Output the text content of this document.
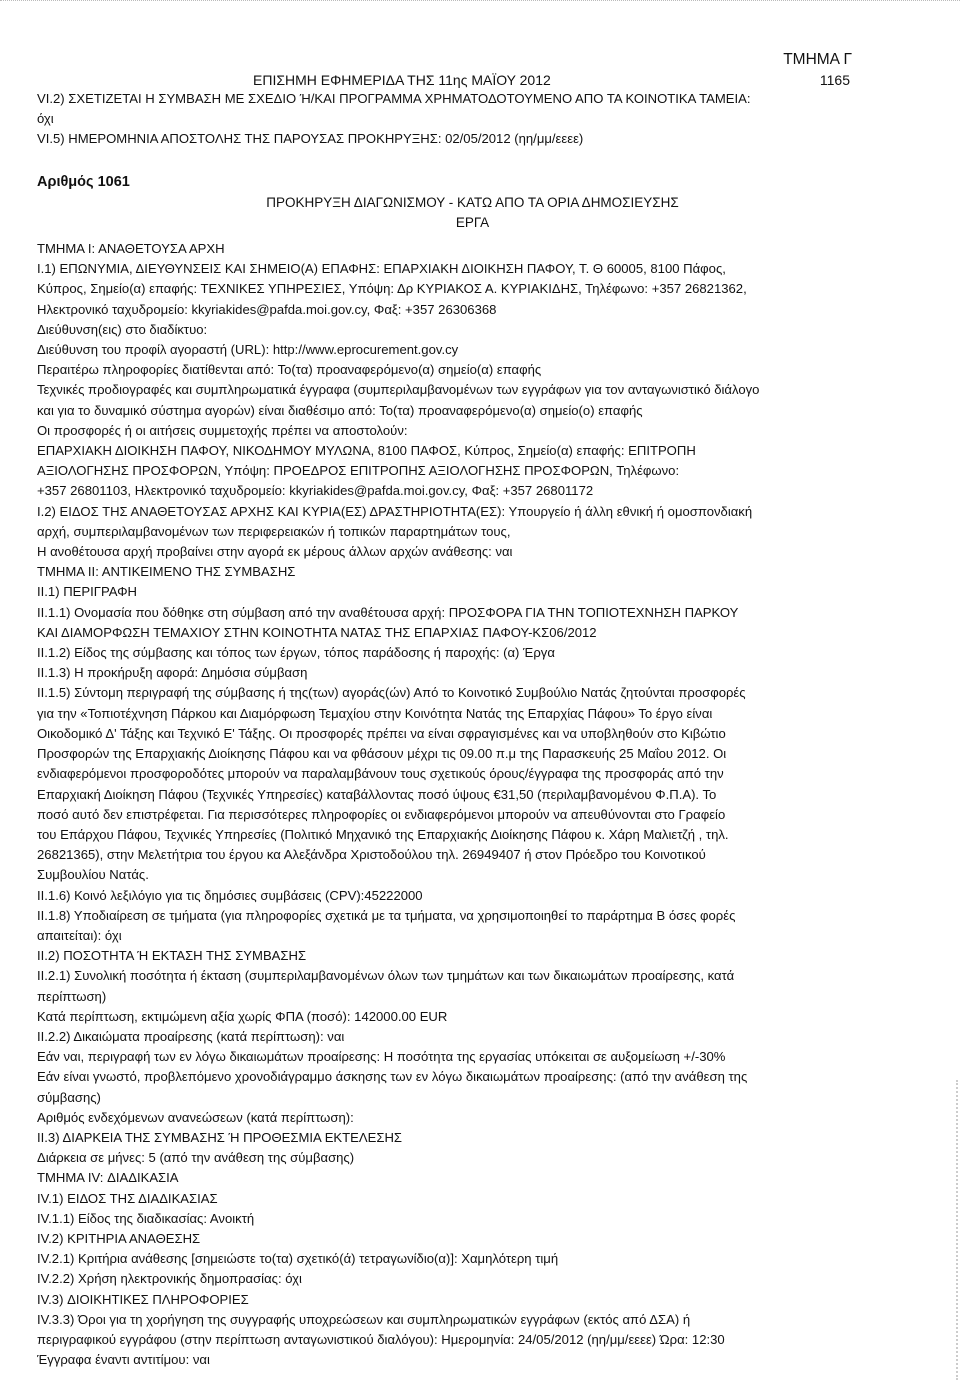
ΤΜΗΜΑ Γ
ΕΠΙΣΗΜΗ ΕΦΗΜΕΡΙΔΑ ΤΗΣ 11ης ΜΑΪΟΥ 2012	1165
VI.2) ΣΧΕΤΙΖΕΤΑΙ Η ΣΥΜΒΑΣΗ ΜΕ ΣΧΕΔΙΟ Ή/ΚΑΙ ΠΡΟΓΡΑΜΜΑ ΧΡΗΜΑΤΟΔΟΤΟΥΜΕΝΟ ΑΠΟ ΤΑ ΚΟΙΝΟΤΙΚΑ ΤΑΜΕΙΑ:
όχι
VI.5) ΗΜΕΡΟΜΗΝΙΑ ΑΠΟΣΤΟΛΗΣ ΤΗΣ ΠΑΡΟΥΣΑΣ ΠΡΟΚΗΡΥΞΗΣ: 02/05/2012 (ηη/μμ/εεεε)
Αριθμός 1061
ΠΡΟΚΗΡΥΞΗ ΔΙΑΓΩΝΙΣΜΟΥ - ΚΑΤΩ ΑΠΟ ΤΑ ΟΡΙΑ ΔΗΜΟΣΙΕΥΣΗΣ
ΕΡΓΑ
ΤΜΗΜΑ Ι: ΑΝΑΘΕΤΟΥΣΑ ΑΡΧΗ
Ι.1) ΕΠΩΝΥΜΙΑ, ΔΙΕΥΘΥΝΣΕΙΣ ΚΑΙ ΣΗΜΕΙΟ(Α) ΕΠΑΦΗΣ: ΕΠΑΡΧΙΑΚΗ ΔΙΟΙΚΗΣΗ ΠΑΦΟΥ, Τ. Θ 60005, 8100 Πάφος,
Κύπρος, Σημείο(α) επαφής: ΤΕΧΝΙΚΕΣ ΥΠΗΡΕΣΙΕΣ, Υπόψη: Δρ ΚΥΡΙΑΚΟΣ Α. ΚΥΡΙΑΚΙΔΗΣ, Τηλέφωνο: +357 26821362,
Ηλεκτρονικό ταχυδρομείο: kkyriakides@pafda.moi.gov.cy, Φαξ: +357 26306368
Διεύθυνση(εις) στο διαδίκτυο:
Διεύθυνση του προφίλ αγοραστή (URL): http://www.eprocurement.gov.cy
Περαιτέρω πληροφορίες διατίθενται από: Το(τα) προαναφερόμενο(α) σημείο(α) επαφής
Τεχνικές προδιογραφές και συμπληρωματικά έγγραφα (συμπεριλαμβανομένων των εγγράφων για τον ανταγωνιστικό διάλογο
και για το δυναμικό σύστημα αγορών) είναι διαθέσιμο από: Το(τα) προαναφερόμενο(α) σημείο(ο) επαφής
Οι προσφορές ή οι αιτήσεις συμμετοχής πρέπει να αποστολούν:
ΕΠΑΡΧΙΑΚΗ ΔΙΟΙΚΗΣΗ ΠΑΦΟΥ, ΝΙΚΟΔΗΜΟΥ ΜΥΛΩΝΑ, 8100 ΠΑΦΟΣ, Κύπρος, Σημείο(α) επαφής: ΕΠΙΤΡΟΠΗ
ΑΞΙΟΛΟΓΗΣΗΣ ΠΡΟΣΦΟΡΩΝ, Υπόψη: ΠΡΟΕΔΡΟΣ ΕΠΙΤΡΟΠΗΣ ΑΞΙΟΛΟΓΗΣΗΣ ΠΡΟΣΦΟΡΩΝ, Τηλέφωνο:
+357 26801103, Ηλεκτρονικό ταχυδρομείο: kkyriakides@pafda.moi.gov.cy, Φαξ: +357 26801172
Ι.2) ΕΙΔΟΣ ΤΗΣ ΑΝΑΘΕΤΟΥΣΑΣ ΑΡΧΗΣ ΚΑΙ ΚΥΡΙΑ(ΕΣ) ΔΡΑΣΤΗΡΙΟΤΗΤΑ(ΕΣ): Υπουργείο ή άλλη εθνική ή ομοσπονδιακή
αρχή, συμπεριλαμβανομένων των περιφερειακών ή τοπικών παραρτημάτων τους,
Η ανοθέτουσα αρχή προβαίνει στην αγορά εκ μέρους άλλων αρχών ανάθεσης: ναι
ΤΜΗΜΑ ΙΙ: ΑΝΤΙΚΕΙΜΕΝΟ ΤΗΣ ΣΥΜΒΑΣΗΣ
ΙΙ.1) ΠΕΡΙΓΡΑΦΗ
ΙΙ.1.1) Ονομασία που δόθηκε στη σύμβαση από την αναθέτουσα αρχή: ΠΡΟΣΦΟΡΑ ΓΙΑ ΤΗΝ ΤΟΠΙΟΤΕΧΝΗΣΗ ΠΑΡΚΟΥ
ΚΑΙ ΔΙΑΜΟΡΦΩΣΗ ΤΕΜΑΧΙΟΥ ΣΤΗΝ ΚΟΙΝΟΤΗΤΑ ΝΑΤΑΣ ΤΗΣ ΕΠΑΡΧΙΑΣ ΠΑΦΟΥ-ΚΣ06/2012
ΙΙ.1.2) Είδος της σύμβασης και τόπος των έργων, τόπος παράδοσης ή παροχής: (α) Έργα
ΙΙ.1.3) Η προκήρυξη αφορά: Δημόσια σύμβαση
ΙΙ.1.5) Σύντομη περιγραφή της σύμβασης ή της(των) αγοράς(ών) Από το Κοινοτικό Συμβούλιο Νατάς ζητούνται προσφορές
για την «Τοπιοτέχνηση Πάρκου και Διαμόρφωση Τεμαχίου στην Κοινότητα Νατάς της Επαρχίας Πάφου» Το έργο είναι
Οικοδομικό Δ' Τάξης και Τεχνικό Ε' Τάξης. Οι προσφορές πρέπει να είναι σφραγισμένες και να υποβληθούν στο Κιβώτιο
Προσφορών της Επαρχιακής Διοίκησης Πάφου και να φθάσουν μέχρι τις 09.00 π.μ της Παρασκευής 25 Μαΐου 2012. Οι
ενδιαφερόμενοι προσφοροδότες μπορούν να παραλαμβάνουν τους σχετικούς όρους/έγγραφα της προσφοράς από την
Επαρχιακή Διοίκηση Πάφου (Τεχνικές Υπηρεσίες) καταβάλλοντας ποσό ύψους €31,50 (περιλαμβανομένου Φ.Π.Α). Το
ποσό αυτό δεν επιστρέφεται. Για περισσότερες πληροφορίες οι ενδιαφερόμενοι μπορούν να απευθύνονται στο Γραφείο
του Επάρχου Πάφου, Τεχνικές Υπηρεσίες (Πολιτικό Μηχανικό της Επαρχιακής Διοίκησης Πάφου κ. Χάρη Μαλιετζή , τηλ.
26821365), στην Μελετήτρια του έργου κα Αλεξάνδρα Χριστοδούλου τηλ. 26949407 ή στον Πρόεδρο του Κοινοτικού
Συμβουλίου Νατάς.
ΙΙ.1.6) Κοινό λεξιλόγιο για τις δημόσιες συμβάσεις (CPV):45222000
ΙΙ.1.8) Υποδιαίρεση σε τμήματα (για πληροφορίες σχετικά με τα τμήματα, να χρησιμοποιηθεί το παράρτημα Β όσες φορές
απαιτείται): όχι
ΙΙ.2) ΠΟΣΟΤΗΤΑ Ή ΕΚΤΑΣΗ ΤΗΣ ΣΥΜΒΑΣΗΣ
ΙΙ.2.1) Συνολική ποσότητα ή έκταση (συμπεριλαμβανομένων όλων των τμημάτων και των δικαιωμάτων προαίρεσης, κατά
περίπτωση)
Κατά περίπτωση, εκτιμώμενη αξία χωρίς ΦΠΑ (ποσό): 142000.00 EUR
ΙΙ.2.2) Δικαιώματα προαίρεσης (κατά περίπτωση): ναι
Εάν ναι, περιγραφή των εν λόγω δικαιωμάτων προαίρεσης: Η ποσότητα της εργασίας υπόκειται σε αυξομείωση +/-30%
Εάν είναι γνωστό, προβλεπόμενο χρονοδιάγραμμο άσκησης των εν λόγω δικαιωμάτων προαίρεσης: (από την ανάθεση της
σύμβασης)
Αριθμός ενδεχόμενων ανανεώσεων (κατά περίπτωση):
ΙΙ.3) ΔΙΑΡΚΕΙΑ ΤΗΣ ΣΥΜΒΑΣΗΣ Ή ΠΡΟΘΕΣΜΙΑ ΕΚΤΕΛΕΣΗΣ
Διάρκεια σε μήνες: 5 (από την ανάθεση της σύμβασης)
ΤΜΗΜΑ IV: ΔΙΑΔΙΚΑΣΙΑ
IV.1) ΕΙΔΟΣ ΤΗΣ ΔΙΑΔΙΚΑΣΙΑΣ
IV.1.1) Είδος της διαδικασίας: Ανοικτή
IV.2) ΚΡΙΤΗΡΙΑ ΑΝΑΘΕΣΗΣ
IV.2.1) Κριτήρια ανάθεσης [σημειώστε το(τα) σχετικό(ά) τετραγωνίδιο(α)]: Χαμηλότερη τιμή
IV.2.2) Χρήση ηλεκτρονικής δημοπρασίας: όχι
IV.3) ΔΙΟΙΚΗΤΙΚΕΣ ΠΛΗΡΟΦΟΡΙΕΣ
IV.3.3) Όροι για τη χορήγηση της συγγραφής υποχρεώσεων και συμπληρωματικών εγγράφων (εκτός από ΔΣΑ) ή
περιγραφικού εγγράφου (στην περίπτωση ανταγωνιστικού διαλόγου): Ημερομηνία: 24/05/2012 (ηη/μμ/εεεε) Ώρα: 12:30
Έγγραφα έναντι αντιτίμου: ναι
